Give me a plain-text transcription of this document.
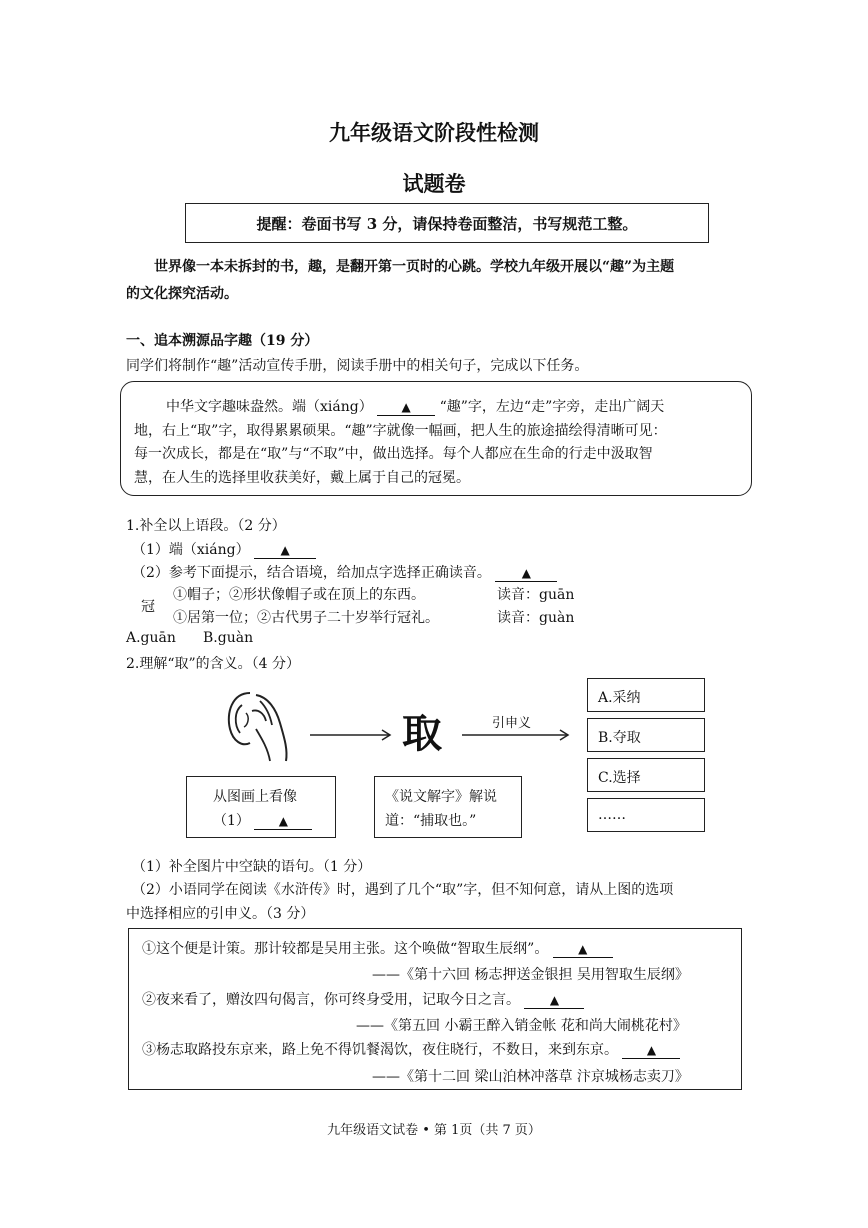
九年级语文阶段性检测
试题卷
提醒：卷面书写 3 分，请保持卷面整洁，书写规范工整。
世界像一本未拆封的书，趣，是翻开第一页时的心跳。学校九年级开展以“趣”为主题
的文化探究活动。
一、追本溯源品字趣（19 分）
同学们将制作“趣”活动宣传手册，阅读手册中的相关句子，完成以下任务。
中华文字趣味盎然。端（xiáng） ▲ “趣”字，左边“走”字旁，走出广阔天
地，右上“取”字，取得累累硕果。“趣”字就像一幅画，把人生的旅途描绘得清晰可见：
每一次成长，都是在“取”与“不取”中，做出选择。每个人都应在生命的行走中汲取智
慧，在人生的选择里收获美好，戴上属于自己的冠冕。
1.补全以上语段。（2 分）
（1）端（xiáng）	▲
（2）参考下面提示，结合语境，给加点字选择正确读音。	▲
冠
①帽子；②形状像帽子或在顶上的东西。	读音：guān
①居第一位；②古代男子二十岁举行冠礼。	读音：guàn
A.guān B.guàn
2.理解“取”的含义。（4 分）
取	引申义
A.采纳
B.夺取
C.选择
……
从图画上看像
（1） ▲
《说文解字》解说
道：“捕取也。”
（1）补全图片中空缺的语句。（1 分）
（2）小语同学在阅读《水浒传》时，遇到了几个“取”字，但不知何意，请从上图的选项
中选择相应的引申义。（3 分）
①这个便是计策。那计较都是吴用主张。这个唤做“智取生辰纲”。 ▲
——《第十六回 杨志押送金银担 吴用智取生辰纲》
②夜来看了，赠汝四句偈言，你可终身受用，记取今日之言。 ▲
——《第五回 小霸王醉入销金帐 花和尚大闹桃花村》
③杨志取路投东京来，路上免不得饥餐渴饮，夜住晓行，不数日，来到东京。 ▲
——《第十二回 梁山泊林冲落草 汴京城杨志卖刀》
九年级语文试卷 • 第 1页（共 7 页）
